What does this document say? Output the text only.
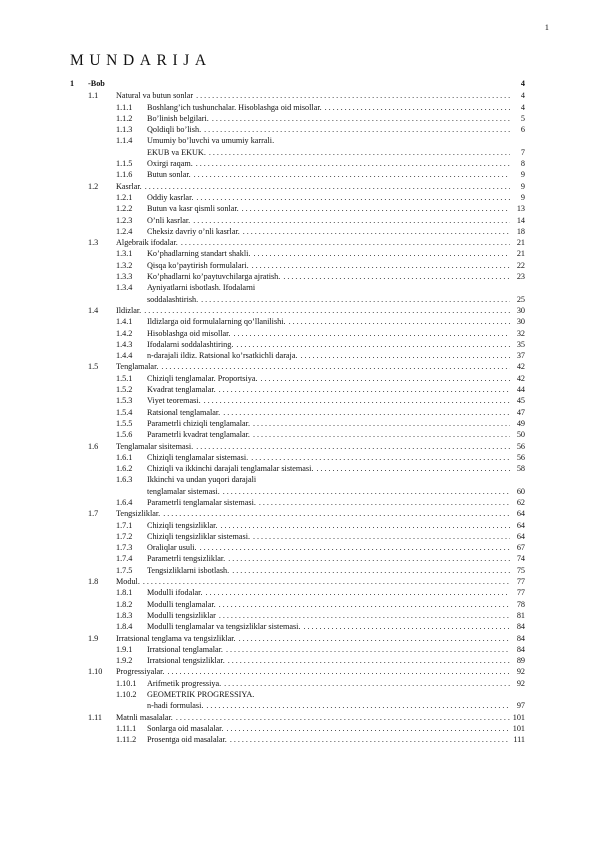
1
MUNDARIJA
1	-Bob	4
1.1	Natural va butun sonlar . . .	4
1.1.1	Boshlang’ich tushunchalar. Hisoblashga oid misollar. . . .	4
1.1.2	Bo’linish belgilari. . . .	5
1.1.3	Qoldiqli bo’lish. . . .	6
1.1.4	Umumiy bo’luvchi va umumiy karrali.
EKUB va EKUK. . . .	7
1.1.5	Oxirgi raqam. . . .	8
1.1.6	Butun sonlar. . . .	9
1.2	Kasrlar. . . .	9
1.2.1	Oddiy kasrlar. . . .	9
1.2.2	Butun va kasr qismli sonlar. . . .	13
1.2.3	O’nli kasrlar. . . .	14
1.2.4	Cheksiz davriy o’nli kasrlar. . . .	18
1.3	Algebraik ifodalar. . . .	21
1.3.1	Ko’phadlarning standart shakli. . . .	21
1.3.2	Qisqa ko’paytirish formulalari. . . .	22
1.3.3	Ko’phadlarni ko’paytuvchilarga ajratish. . . .	23
1.3.4	Ayniyatlarni isbotlash. Ifodalarni
soddalashtirish. . . .	25
1.4	Ildizlar. . . .	30
1.4.1	Ildizlarga oid formulalarning qo’llanilishi. . . .	30
1.4.2	Hisoblashga oid misollar. . . .	32
1.4.3	Ifodalarni soddalashtiring. . . .	35
1.4.4	n-darajali ildiz. Ratsional ko’rsatkichli daraja. . . .	37
1.5	Tenglamalar. . . .	42
1.5.1	Chiziqli tenglamalar. Proportsiya. . . .	42
1.5.2	Kvadrat tenglamalar. . . .	44
1.5.3	Viyet teoremasi. . . .	45
1.5.4	Ratsional tenglamalar. . . .	47
1.5.5	Parametrli chiziqli tenglamalar. . . .	49
1.5.6	Parametrli kvadrat tenglamalar. . . .	50
1.6	Tenglamalar sisitemasi. . . .	56
1.6.1	Chiziqli tenglamalar sistemasi. . . .	56
1.6.2	Chiziqli va ikkinchi darajali tenglamalar sistemasi. . . .	58
1.6.3	Ikkinchi va undan yuqori darajali
tenglamalar sistemasi. . . .	60
1.6.4	Parametrli tenglamalar sistemasi. . . .	62
1.7	Tengsizliklar. . . .	64
1.7.1	Chiziqli tengsizliklar. . . .	64
1.7.2	Chiziqli tengsizliklar sistemasi. . . .	64
1.7.3	Oraliqlar usuli. . . .	67
1.7.4	Parametrli tengsizliklar. . . .	74
1.7.5	Tengsizliklarni isbotlash. . . .	75
1.8	Modul. . . .	77
1.8.1	Modulli ifodalar. . . .	77
1.8.2	Modulli tenglamalar. . . .	78
1.8.3	Modulli tengsizliklar . . .	81
1.8.4	Modulli tenglamalar va tengsizliklar sistemasi. . . .	84
1.9	Irratsional tenglama va tengsizliklar. . . .	84
1.9.1	Irratsional tenglamalar. . . .	84
1.9.2	Irratsional tengsizliklar. . . .	89
1.10	Progressiyalar. . . .	92
1.10.1	Arifmetik progressiya. . . .	92
1.10.2	GEOMETRIK PROGRESSIYA.
n-hadi formulasi. . . .	97
1.11	Matnli masalalar. . . .	101
1.11.1	Sonlarga oid masalalar. . . .	101
1.11.2	Prosentga oid masalalar. . . .	111
